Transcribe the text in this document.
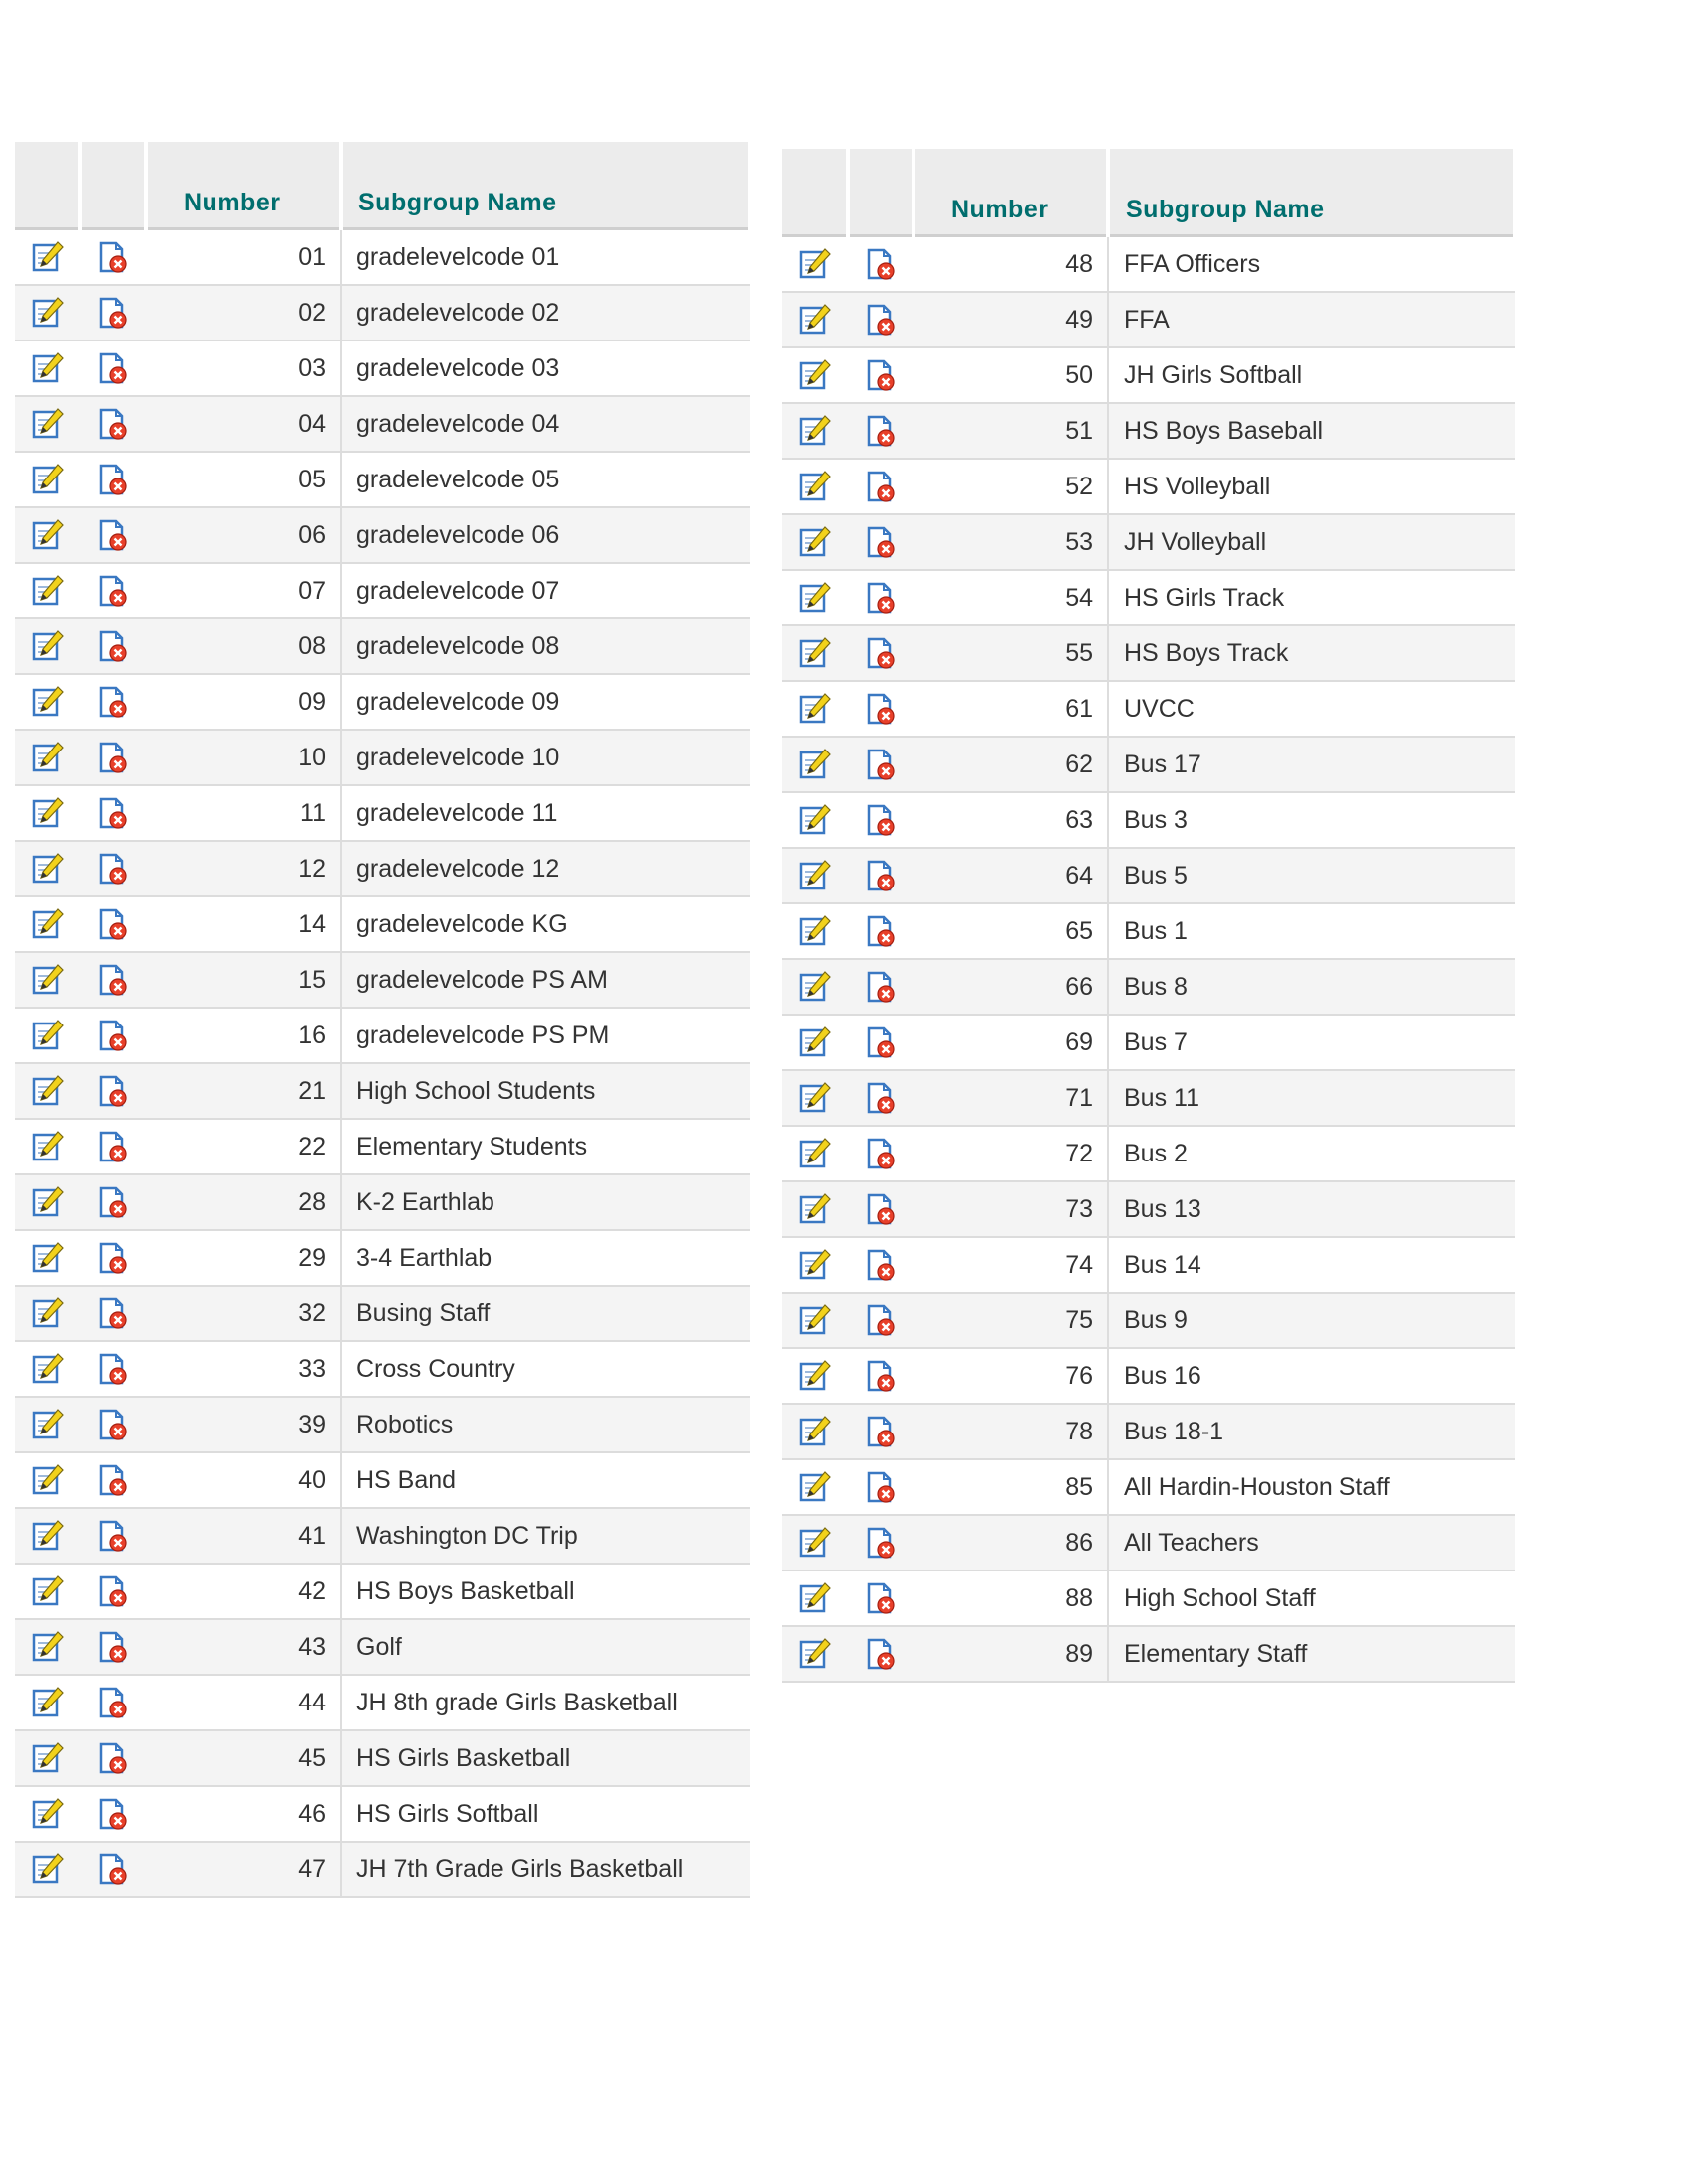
		Number	Subgroup Name

		01	gradelevelcode 01
		02	gradelevelcode 02
		03	gradelevelcode 03
		04	gradelevelcode 04
		05	gradelevelcode 05
		06	gradelevelcode 06
		07	gradelevelcode 07
		08	gradelevelcode 08
		09	gradelevelcode 09
		10	gradelevelcode 10
		11	gradelevelcode 11
		12	gradelevelcode 12
		14	gradelevelcode KG
		15	gradelevelcode PS AM
		16	gradelevelcode PS PM
		21	High School Students
		22	Elementary Students
		28	K-2 Earthlab
		29	3-4 Earthlab
		32	Busing Staff
		33	Cross Country
		39	Robotics
		40	HS Band
		41	Washington DC Trip
		42	HS Boys Basketball
		43	Golf
		44	JH 8th grade Girls Basketball
		45	HS Girls Basketball
		46	HS Girls Softball
		47	JH 7th Grade Girls Basketball

		Number	Subgroup Name

		48	FFA Officers
		49	FFA
		50	JH Girls Softball
		51	HS Boys Baseball
		52	HS Volleyball
		53	JH Volleyball
		54	HS Girls Track
		55	HS Boys Track
		61	UVCC
		62	Bus 17
		63	Bus 3
		64	Bus 5
		65	Bus 1
		66	Bus 8
		69	Bus 7
		71	Bus 11
		72	Bus 2
		73	Bus 13
		74	Bus 14
		75	Bus 9
		76	Bus 16
		78	Bus 18-1
		85	All Hardin-Houston Staff
		86	All Teachers
		88	High School Staff
		89	Elementary Staff
